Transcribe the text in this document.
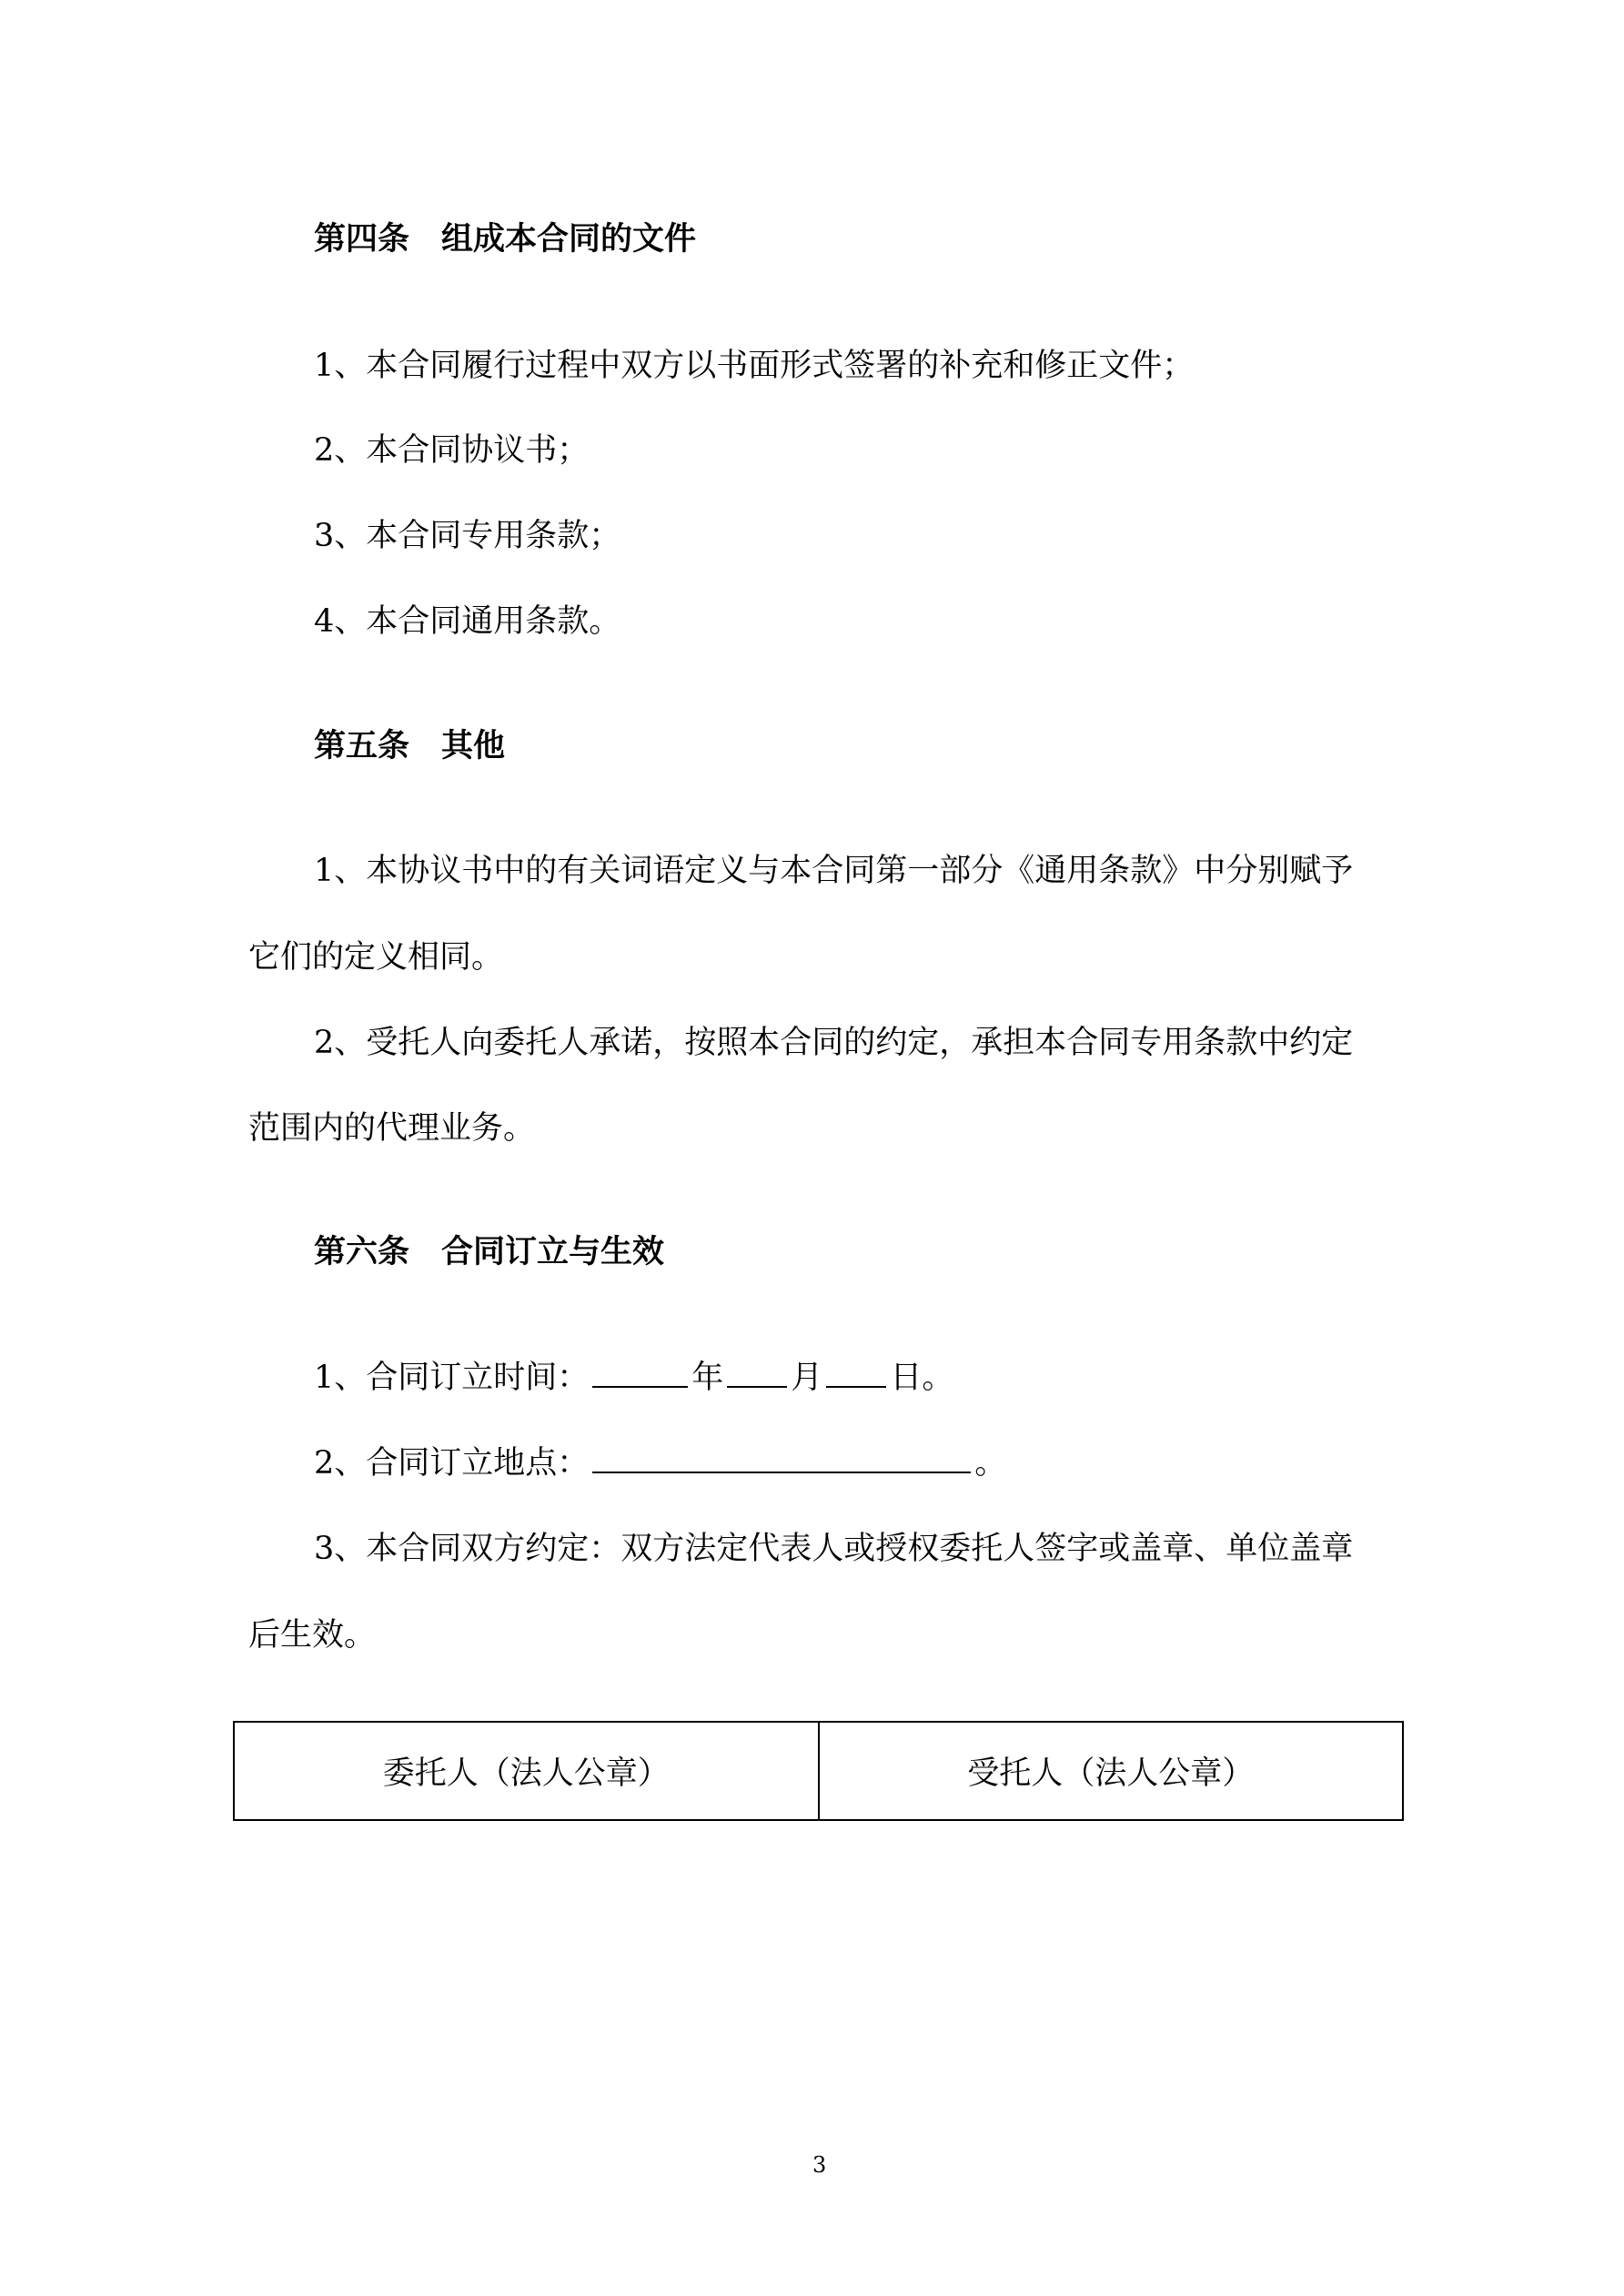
第四条　组成本合同的文件
1、本合同履行过程中双方以书面形式签署的补充和修正文件；
2、本合同协议书；
3、本合同专用条款；
4、本合同通用条款。
第五条　其他
1、本协议书中的有关词语定义与本合同第一部分《通用条款》中分别赋予
它们的定义相同。
2、受托人向委托人承诺，按照本合同的约定，承担本合同专用条款中约定
范围内的代理业务。
第六条　合同订立与生效
1、合同订立时间：	年 月 日。
2、合同订立地点：	。
3、本合同双方约定：双方法定代表人或授权委托人签字或盖章、单位盖章
后生效。
委托人（法人公章）	受托人（法人公章）
3
